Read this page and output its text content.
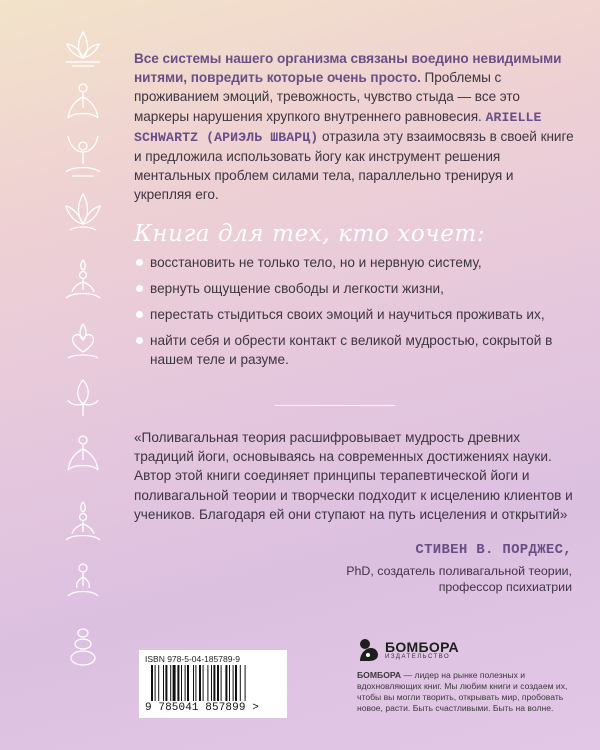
Все системы нашего организма связаны воедино невидимыми нитями, повредить которые очень просто. Проблемы с проживанием эмоций, тревожность, чувство стыда — все это маркеры нарушения хрупкого внутреннего равновесия. ARIELLE SCHWARTZ (АРИЭЛЬ ШВАРЦ) отразила эту взаимосвязь в своей книге и предложила использовать йогу как инструмент решения ментальных проблем силами тела, параллельно тренируя и укрепляя его.

Книга для тех, кто хочет:
восстановить не только тело, но и нервную систему,
вернуть ощущение свободы и легкости жизни,
перестать стыдиться своих эмоций и научиться проживать их,
найти себя и обрести контакт с великой мудростью, сокрытой в нашем теле и разуме.

«Поливагальная теория расшифровывает мудрость древних традиций йоги, основываясь на современных достижениях науки. Автор этой книги соединяет принципы терапевтической йоги и поливагальной теории и творчески подходит к исцелению клиентов и учеников. Благодаря ей они ступают на путь исцеления и открытий»

СТИВЕН В. ПОРДЖЕС,
PhD, создатель поливагальной теории,
профессор психиатрии
ISBN 978-5-04-185789-9
9 785041 857899 >
БОМБОРА
ИЗДАТЕЛЬСТВО

БОМБОРА — лидер на рынке полезных и вдохновляющих книг. Мы любим книги и создаем их, чтобы вы могли творить, открывать мир, пробовать новое, расти. Быть счастливыми. Быть на волне.
